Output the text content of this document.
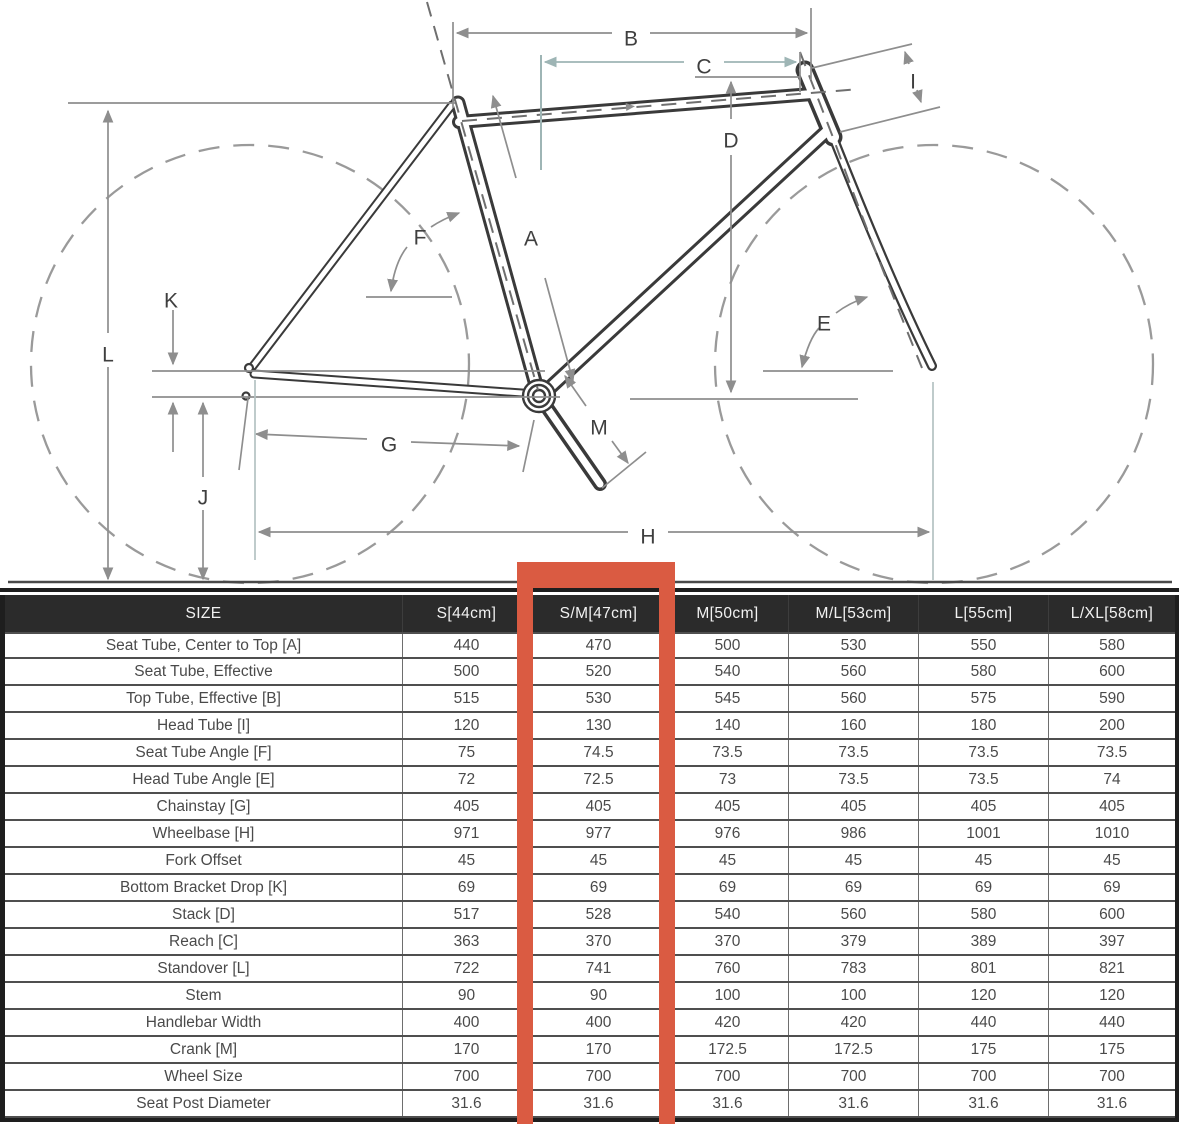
B
C
I
D
A
F
K
L
E
M
G
J
H
SIZE	S[44cm]	S/M[47cm]	M[50cm]	M/L[53cm]	L[55cm]	L/XL[58cm]
Seat Tube, Center to Top [A]	440	470	500	530	550	580
Seat Tube, Effective	500	520	540	560	580	600
Top Tube, Effective [B]	515	530	545	560	575	590
Head Tube [I]	120	130	140	160	180	200
Seat Tube Angle [F]	75	74.5	73.5	73.5	73.5	73.5
Head Tube Angle [E]	72	72.5	73	73.5	73.5	74
Chainstay [G]	405	405	405	405	405	405
Wheelbase [H]	971	977	976	986	1001	1010
Fork Offset	45	45	45	45	45	45
Bottom Bracket Drop [K]	69	69	69	69	69	69
Stack [D]	517	528	540	560	580	600
Reach [C]	363	370	370	379	389	397
Standover [L]	722	741	760	783	801	821
Stem	90	90	100	100	120	120
Handlebar Width	400	400	420	420	440	440
Crank [M]	170	170	172.5	172.5	175	175
Wheel Size	700	700	700	700	700	700
Seat Post Diameter	31.6	31.6	31.6	31.6	31.6	31.6
